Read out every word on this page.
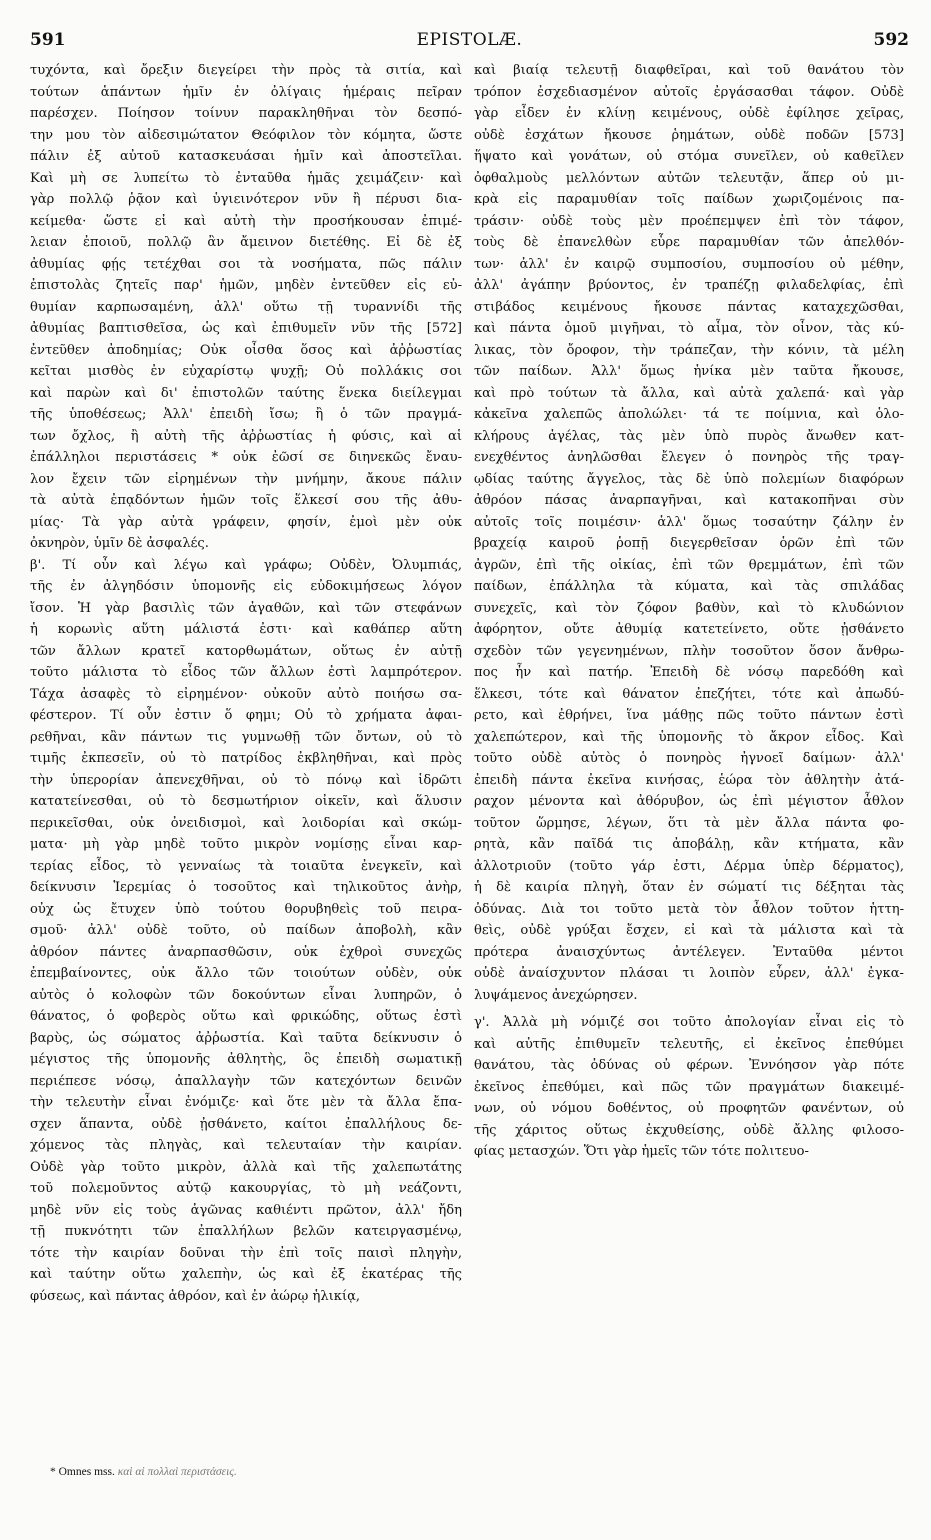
591	EPISTOLÆ.	592
τυχόντα, καὶ ὄρεξιν διεγείρει τὴν πρὸς τὰ σιτία, καὶ
τούτων ἁπάντων ἡμῖν ἐν ὀλίγαις ἡμέραις πεῖραν
παρέσχεν. Ποίησον τοίνυν παρακληθῆναι τὸν δεσπό-
την μου τὸν αἰδεσιμώτατον Θεόφιλον τὸν κόμητα, ὥστε
πάλιν ἐξ αὐτοῦ κατασκευάσαι ἡμῖν καὶ ἀποστεῖλαι.
Καὶ μὴ σε λυπείτω τὸ ἐνταῦθα ἡμᾶς χειμάζειν· καὶ
γὰρ πολλῷ ῥᾷον καὶ ὑγιεινότερον νῦν ἢ πέρυσι δια-
κείμεθα· ὥστε εἰ καὶ αὐτὴ τὴν προσήκουσαν ἐπιμέ-
λειαν ἐποιοῦ, πολλῷ ἂν ἄμεινον διετέθης. Εἰ δὲ ἐξ
ἀθυμίας φῄς τετέχθαι σοι τὰ νοσήματα, πῶς πάλιν
ἐπιστολὰς ζητεῖς παρ' ἡμῶν, μηδὲν ἐντεῦθεν εἰς εὐ-
θυμίαν καρπωσαμένη, ἀλλ' οὕτω τῇ τυραννίδι τῆς
ἀθυμίας βαπτισθεῖσα, ὡς καὶ ἐπιθυμεῖν νῦν τῆς [572]
ἐντεῦθεν ἀποδημίας; Οὐκ οἶσθα ὅσος καὶ ἀῤῥωστίας
κεῖται μισθὸς ἐν εὐχαρίστῳ ψυχῇ; Οὐ πολλάκις σοι
καὶ παρὼν καὶ δι' ἐπιστολῶν ταύτης ἕνεκα διείλεγμαι
τῆς ὑποθέσεως; Ἀλλ' ἐπειδὴ ἴσω; ἢ ὁ τῶν πραγμά-
των ὄχλος, ἢ αὐτὴ τῆς ἀῤῥωστίας ἡ φύσις, καὶ αἱ
ἐπάλληλοι περιστάσεις * οὐκ ἐῶσί σε διηνεκῶς ἔναυ-
λον ἔχειν τῶν εἰρημένων τὴν μνήμην, ἄκουε πάλιν
τὰ αὐτὰ ἐπᾳδόντων ἡμῶν τοῖς ἕλκεσί σου τῆς ἀθυ-
μίας· Τὰ γὰρ αὐτὰ γράφειν, φησίν, ἐμοὶ μὲν οὐκ
ὀκνηρὸν, ὑμῖν δὲ ἀσφαλές.
β'. Τί οὖν καὶ λέγω καὶ γράφω; Οὐδὲν, Ὀλυμπιάς,
τῆς ἐν ἀλγηδόσιν ὑπομονῆς εἰς εὐδοκιμήσεως λόγον
ἴσον. Ἡ γὰρ βασιλὶς τῶν ἀγαθῶν, καὶ τῶν στεφάνων
ἡ κορωνὶς αὕτη μάλιστά ἐστι· καὶ καθάπερ αὕτη
τῶν ἄλλων κρατεῖ κατορθωμάτων, οὕτως ἐν αὐτῇ
τοῦτο μάλιστα τὸ εἶδος τῶν ἄλλων ἐστὶ λαμπρότερον.
Τάχα ἀσαφὲς τὸ εἰρημένον· οὐκοῦν αὐτὸ ποιήσω σα-
φέστερον. Τί οὖν ἐστιν ὅ φημι; Οὐ τὸ χρήματα ἀφαι-
ρεθῆναι, κἂν πάντων τις γυμνωθῇ τῶν ὄντων, οὐ τὸ
τιμῆς ἐκπεσεῖν, οὐ τὸ πατρίδος ἐκβληθῆναι, καὶ πρὸς
τὴν ὑπερορίαν ἀπενεχθῆναι, οὐ τὸ πόνῳ καὶ ἱδρῶτι
κατατείνεσθαι, οὐ τὸ δεσμωτήριον οἰκεῖν, καὶ ἅλυσιν
περικεῖσθαι, οὐκ ὀνειδισμοὶ, καὶ λοιδορίαι καὶ σκώμ-
ματα· μὴ γὰρ μηδὲ τοῦτο μικρὸν νομίσῃς εἶναι καρ-
τερίας εἶδος, τὸ γενναίως τὰ τοιαῦτα ἐνεγκεῖν, καὶ
δείκνυσιν Ἱερεμίας ὁ τοσοῦτος καὶ τηλικοῦτος ἀνὴρ,
οὐχ ὡς ἔτυχεν ὑπὸ τούτου θορυβηθεὶς τοῦ πειρα-
σμοῦ· ἀλλ' οὐδὲ τοῦτο, οὐ παίδων ἀποβολὴ, κἂν
ἀθρόον πάντες ἀναρπασθῶσιν, οὐκ ἐχθροὶ συνεχῶς
ἐπεμβαίνοντες, οὐκ ἄλλο τῶν τοιούτων οὐδὲν, οὐκ
αὐτὸς ὁ κολοφὼν τῶν δοκούντων εἶναι λυπηρῶν, ὁ
θάνατος, ὁ φοβερὸς οὕτω καὶ φρικώδης, οὕτως ἐστὶ
βαρὺς, ὡς σώματος ἀῤῥωστία. Καὶ ταῦτα δείκνυσιν ὁ
μέγιστος τῆς ὑπομονῆς ἀθλητὴς, ὃς ἐπειδὴ σωματικῇ
περιέπεσε νόσῳ, ἀπαλλαγὴν τῶν κατεχόντων δεινῶν
τὴν τελευτὴν εἶναι ἐνόμιζε· καὶ ὅτε μὲν τὰ ἄλλα ἔπα-
σχεν ἅπαντα, οὐδὲ ᾐσθάνετο, καίτοι ἐπαλλήλους δε-
χόμενος τὰς πληγὰς, καὶ τελευταίαν τὴν καιρίαν.
Οὐδὲ γὰρ τοῦτο μικρὸν, ἀλλὰ καὶ τῆς χαλεπωτάτης
τοῦ πολεμοῦντος αὐτῷ κακουργίας, τὸ μὴ νεάζοντι,
μηδὲ νῦν εἰς τοὺς ἀγῶνας καθιέντι πρῶτον, ἀλλ' ἤδη
τῇ πυκνότητι τῶν ἐπαλλήλων βελῶν κατειργασμένῳ,
τότε τὴν καιρίαν δοῦναι τὴν ἐπὶ τοῖς παισὶ πληγὴν,
καὶ ταύτην οὕτω χαλεπὴν, ὡς καὶ ἐξ ἑκατέρας τῆς
φύσεως, καὶ πάντας ἀθρόον, καὶ ἐν ἀώρῳ ἡλικίᾳ,
καὶ βιαίᾳ τελευτῇ διαφθεῖραι, καὶ τοῦ θανάτου τὸν
τρόπον ἐσχεδιασμένον αὐτοῖς ἐργάσασθαι τάφον. Οὐδὲ
γὰρ εἶδεν ἐν κλίνῃ κειμένους, οὐδὲ ἐφίλησε χεῖρας,
οὐδὲ ἐσχάτων ἤκουσε ῥημάτων, οὐδὲ ποδῶν [573]
ἥψατο καὶ γονάτων, οὐ στόμα συνεῖλεν, οὐ καθεῖλεν
ὀφθαλμοὺς μελλόντων αὐτῶν τελευτᾷν, ἅπερ οὐ μι-
κρὰ εἰς παραμυθίαν τοῖς παίδων χωριζομένοις πα-
τράσιν· οὐδὲ τοὺς μὲν προέπεμψεν ἐπὶ τὸν τάφον,
τοὺς δὲ ἐπανελθὼν εὗρε παραμυθίαν τῶν ἀπελθόν-
των· ἀλλ' ἐν καιρῷ συμποσίου, συμποσίου οὐ μέθην,
ἀλλ' ἀγάπην βρύοντος, ἐν τραπέζῃ φιλαδελφίας, ἐπὶ
στιβάδος κειμένους ἤκουσε πάντας καταχεχῶσθαι,
καὶ πάντα ὁμοῦ μιγῆναι, τὸ αἷμα, τὸν οἶνον, τὰς κύ-
λικας, τὸν ὄροφον, τὴν τράπεζαν, τὴν κόνιν, τὰ μέλη
τῶν παίδων. Ἀλλ' ὅμως ἡνίκα μὲν ταῦτα ἤκουσε,
καὶ πρὸ τούτων τὰ ἄλλα, καὶ αὐτὰ χαλεπά· καὶ γὰρ
κἀκεῖνα χαλεπῶς ἀπολώλει· τά τε ποίμνια, καὶ ὁλο-
κλήρους ἀγέλας, τὰς μὲν ὑπὸ πυρὸς ἄνωθεν κατ-
ενεχθέντος ἀνηλῶσθαι ἔλεγεν ὁ πονηρὸς τῆς τραγ-
ῳδίας ταύτης ἄγγελος, τὰς δὲ ὑπὸ πολεμίων διαφόρων
ἀθρόον πάσας ἀναρπαγῆναι, καὶ κατακοπῆναι σὺν
αὐτοῖς τοῖς ποιμέσιν· ἀλλ' ὅμως τοσαύτην ζάλην ἐν
βραχείᾳ καιροῦ ῥοπῇ διεγερθεῖσαν ὁρῶν ἐπὶ τῶν
ἀγρῶν, ἐπὶ τῆς οἰκίας, ἐπὶ τῶν θρεμμάτων, ἐπὶ τῶν
παίδων, ἐπάλληλα τὰ κύματα, καὶ τὰς σπιλάδας
συνεχεῖς, καὶ τὸν ζόφον βαθὺν, καὶ τὸ κλυδώνιον
ἀφόρητον, οὔτε ἀθυμίᾳ κατετείνετο, οὔτε ᾐσθάνετο
σχεδὸν τῶν γεγενημένων, πλὴν τοσοῦτον ὅσον ἄνθρω-
πος ἦν καὶ πατήρ. Ἐπειδὴ δὲ νόσῳ παρεδόθη καὶ
ἕλκεσι, τότε καὶ θάνατον ἐπεζήτει, τότε καὶ ἀπωδύ-
ρετο, καὶ ἐθρήνει, ἵνα μάθῃς πῶς τοῦτο πάντων ἐστὶ
χαλεπώτερον, καὶ τῆς ὑπομονῆς τὸ ἄκρον εἶδος. Καὶ
τοῦτο οὐδὲ αὐτὸς ὁ πονηρὸς ἠγνοεῖ δαίμων· ἀλλ'
ἐπειδὴ πάντα ἐκεῖνα κινήσας, ἑώρα τὸν ἀθλητὴν ἀτά-
ραχον μένοντα καὶ ἀθόρυβον, ὡς ἐπὶ μέγιστον ἆθλον
τοῦτον ὥρμησε, λέγων, ὅτι τὰ μὲν ἄλλα πάντα φο-
ρητὰ, κἂν παῖδά τις ἀποβάλῃ, κἂν κτήματα, κἂν
ἀλλοτριοῦν (τοῦτο γάρ ἐστι, Δέρμα ὑπὲρ δέρματος),
ἡ δὲ καιρία πληγὴ, ὅταν ἐν σώματί τις δέξηται τὰς
ὀδύνας. Διὰ τοι τοῦτο μετὰ τὸν ἆθλον τοῦτον ἡττη-
θεὶς, οὐδὲ γρύξαι ἔσχεν, εἰ καὶ τὰ μάλιστα καὶ τὰ
πρότερα ἀναισχύντως ἀντέλεγεν. Ἐνταῦθα μέντοι
οὐδὲ ἀναίσχυντον πλάσαι τι λοιπὸν εὗρεν, ἀλλ' ἐγκα-
λυψάμενος ἀνεχώρησεν.
γ'. Ἀλλὰ μὴ νόμιζέ σοι τοῦτο ἀπολογίαν εἶναι εἰς τὸ
καὶ αὐτῆς ἐπιθυμεῖν τελευτῆς, εἰ ἐκεῖνος ἐπεθύμει
θανάτου, τὰς ὀδύνας οὐ φέρων. Ἐννόησον γὰρ πότε
ἐκεῖνος ἐπεθύμει, καὶ πῶς τῶν πραγμάτων διακειμέ-
νων, οὐ νόμου δοθέντος, οὐ προφητῶν φανέντων, οὐ
τῆς χάριτος οὕτως ἐκχυθείσης, οὐδὲ ἄλλης φιλοσο-
φίας μετασχών. Ὅτι γὰρ ἡμεῖς τῶν τότε πολιτευο-
* Omnes mss. καὶ αἱ πολλαὶ περιστάσεις.
